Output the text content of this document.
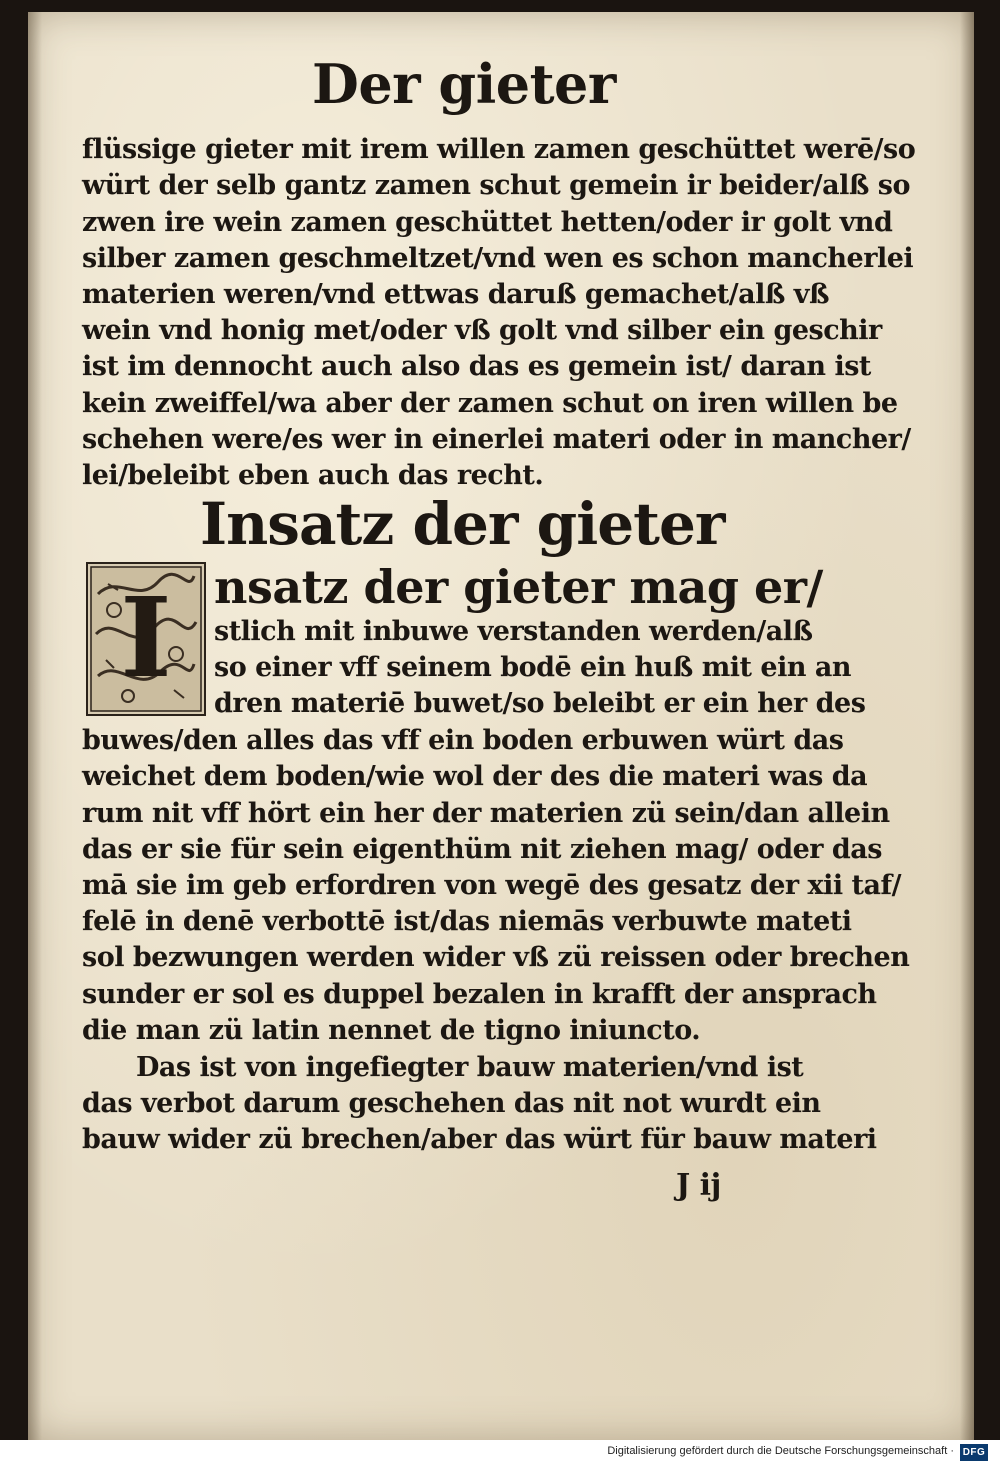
Der gieter
flüssige gieter mit irem willen zamen geschüttet werē/so
würt der selb gantz zamen schut gemein ir beider/alß so
zwen ire wein zamen geschüttet hetten/oder ir golt vnd
silber zamen geschmeltzet/vnd wen es schon mancherlei
materien weren/vnd ettwas daruß gemachet/alß vß
wein vnd honig met/oder vß golt vnd silber ein geschir
ist im dennocht auch also das es gemein ist/ daran ist
kein zweiffel/wa aber der zamen schut on iren willen be
schehen were/es wer in einerlei materi oder in mancher/
lei/beleibt eben auch das recht.
Insatz der gieter
I nsatz der gieter mag er/
stlich mit inbuwe verstanden werden/alß
so einer vff seinem bodē ein huß mit ein an
dren materiē buwet/so beleibt er ein her des
buwes/den alles das vff ein boden erbuwen würt das
weichet dem boden/wie wol der des die materi was da
rum nit vff hört ein her der materien zü sein/dan allein
das er sie für sein eigenthüm nit ziehen mag/ oder das
mā sie im geb erfordren von wegē des gesatz der xii taf/
felē in denē verbottē ist/das niemās verbuwte mateti
sol bezwungen werden wider vß zü reissen oder brechen
sunder er sol es duppel bezalen in krafft der ansprach
die man zü latin nennet de tigno iniuncto.
Das ist von ingefiegter bauw materien/vnd ist
das verbot darum geschehen das nit not wurdt ein
bauw wider zü brechen/aber das würt für bauw materi
J ij
Digitalisierung gefördert durch die Deutsche Forschungsgemeinschaft · DFG
